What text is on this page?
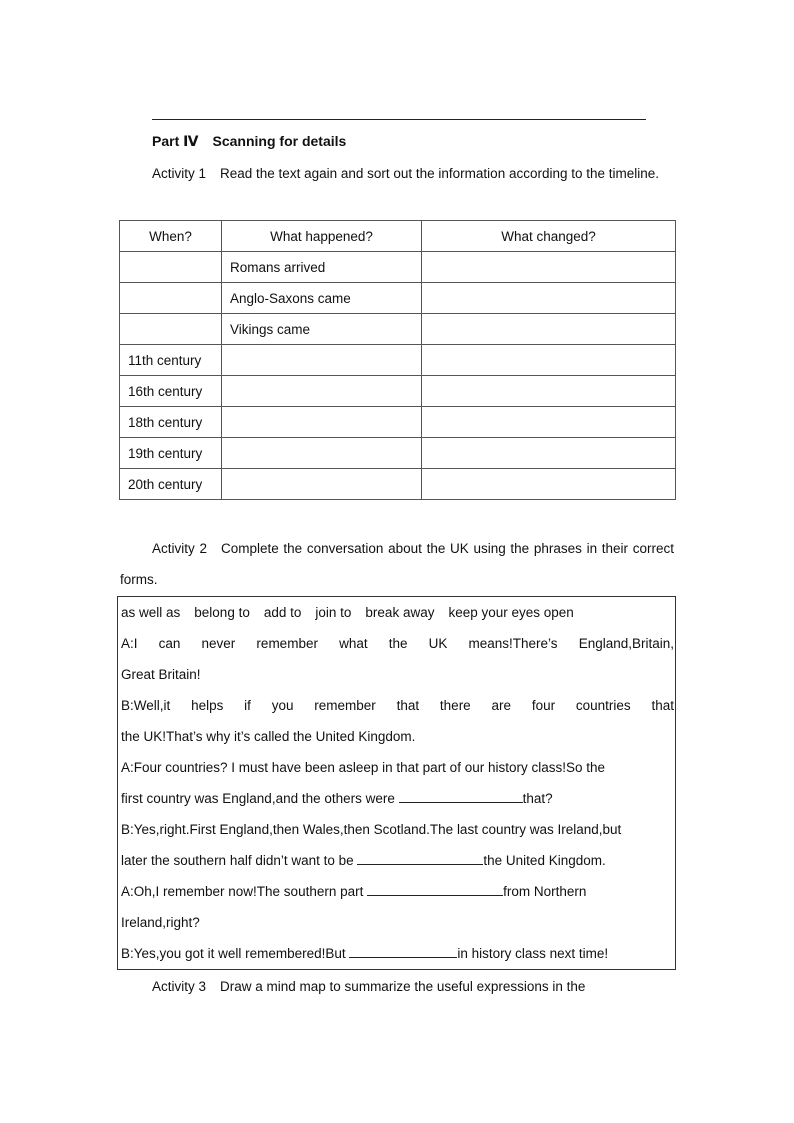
Part Ⅳ Scanning for details
Activity 1 Read the text again and sort out the information according to the timeline.
When?	What happened?	What changed?
	Romans arrived	
	Anglo-Saxons came	
	Vikings came	
11th century		
16th century		
18th century		
19th century		
20th century		
Activity 2 Complete the conversation about the UK using the phrases in their correct forms.
as well as belong to add to join to break away keep your eyes open
A:I can never remember what the UK means!There’s England,Britain,
Great Britain!
B:Well,it helps if you remember that there are four countries that
the UK!That’s why it’s called the United Kingdom.
A:Four countries? I must have been asleep in that part of our history class!So the
first country was England,and the others were	that?
B:Yes,right.First England,then Wales,then Scotland.The last country was Ireland,but
later the southern half didn’t want to be	the United Kingdom.
A:Oh,I remember now!The southern part	from Northern
Ireland,right?
B:Yes,you got it well remembered!But	in history class next time!
Activity 3 Draw a mind map to summarize the useful expressions in the
